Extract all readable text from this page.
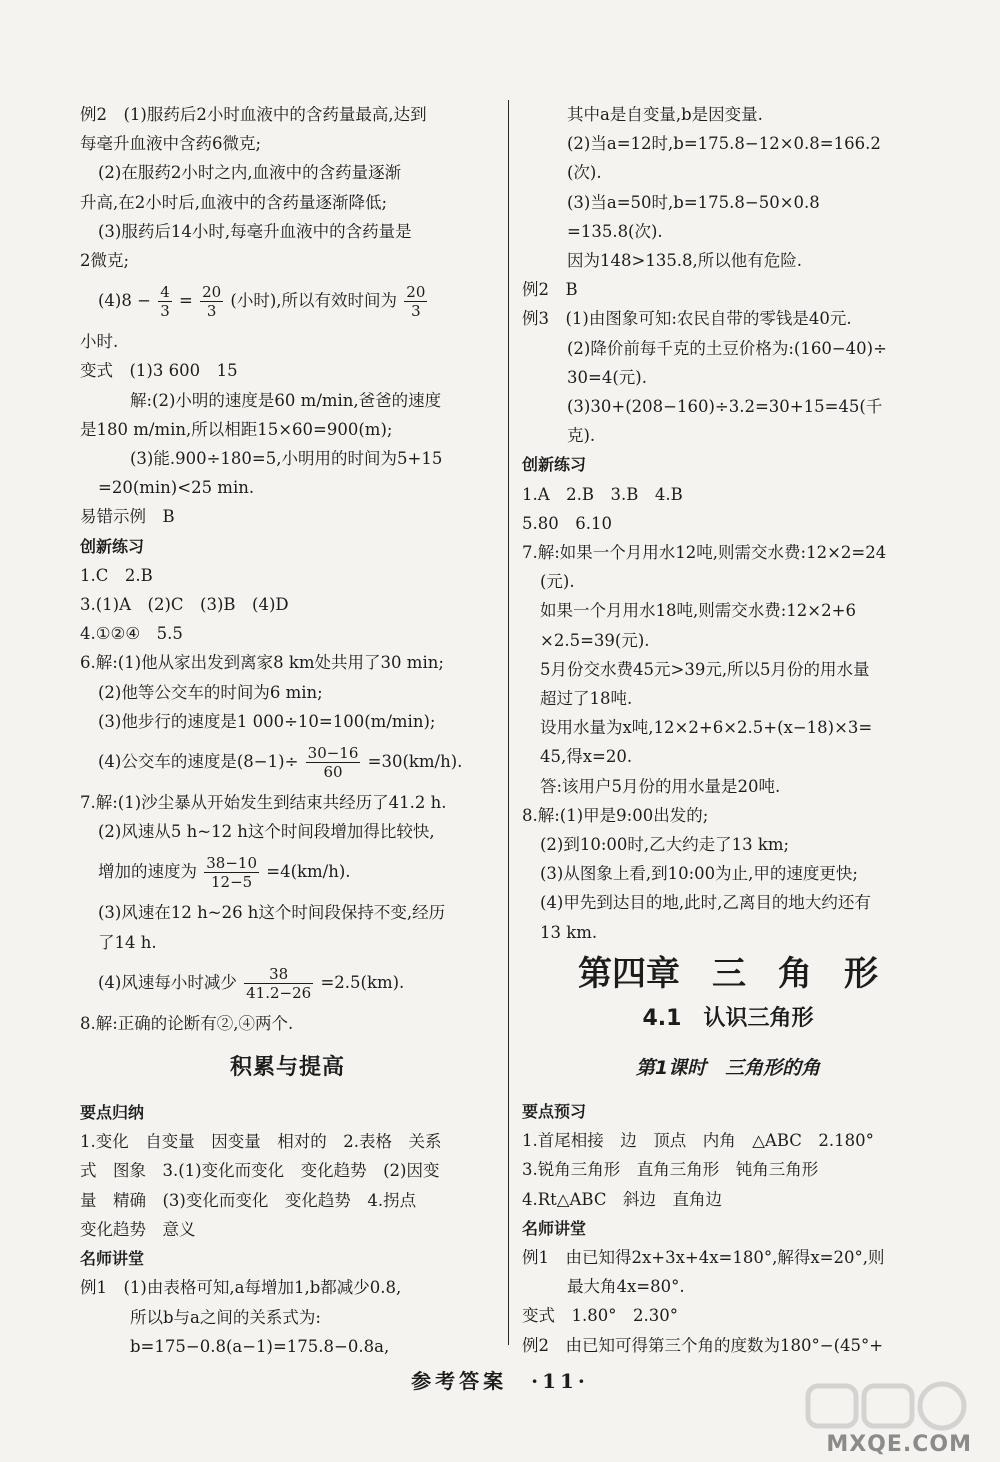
例2　(1)服药后2小时血液中的含药量最高,达到
每毫升血液中含药6微克;
(2)在服药2小时之内,血液中的含药量逐渐
升高,在2小时后,血液中的含药量逐渐降低;
(3)服药后14小时,每毫升血液中的含药量是
2微克;
$(4)8 - \frac{4}{3} = \frac{20}{3}$ (小时),所以有效时间为 $\frac{20}{3}$
小时.
变式　(1)3 600　15
解:(2)小明的速度是60 m/min,爸爸的速度
是180 m/min,所以相距15×60=900(m);
(3)能.900÷180=5,小明用的时间为5+15
=20(min)<25 min.
易错示例　B
创新练习
1.C　2.B
3.(1)A　(2)C　(3)B　(4)D
4.①②④　5.5
6.解:(1)他从家出发到离家8 km处共用了30 min;
(2)他等公交车的时间为6 min;
(3)他步行的速度是1 000÷10=100(m/min);
(4)公交车的速度是$(8-1)\div \frac{30-16}{60} =30(km/h)$.
7.解:(1)沙尘暴从开始发生到结束共经历了41.2 h.
(2)风速从5 h~12 h这个时间段增加得比较快,
增加的速度为 $\frac{38-10}{12-5} =4(km/h)$.
(3)风速在12 h~26 h这个时间段保持不变,经历
了14 h.
(4)风速每小时减少 $\frac{38}{41.2-26} =2.5(km)$.
8.解:正确的论断有②,④两个.
积累与提高
要点归纳
1.变化　自变量　因变量　相对的　2.表格　关系
式　图象　3.(1)变化而变化　变化趋势　(2)因变
量　精确　(3)变化而变化　变化趋势　4.拐点
变化趋势　意义
名师讲堂
例1　(1)由表格可知,a每增加1,b都减少0.8,
所以b与a之间的关系式为:
b=175−0.8(a−1)=175.8−0.8a,
其中a是自变量,b是因变量.
(2)当a=12时,b=175.8−12×0.8=166.2
(次).
(3)当a=50时,b=175.8−50×0.8
=135.8(次).
因为148>135.8,所以他有危险.
例2　B
例3　(1)由图象可知:农民自带的零钱是40元.
(2)降价前每千克的土豆价格为:(160−40)÷
30=4(元).
(3)30+(208−160)÷3.2=30+15=45(千
克).
创新练习
1.A　2.B　3.B　4.B
5.80　6.10
7.解:如果一个月用水12吨,则需交水费:12×2=24
(元).
如果一个月用水18吨,则需交水费:12×2+6
×2.5=39(元).
5月份交水费45元>39元,所以5月份的用水量
超过了18吨.
设用水量为x吨,12×2+6×2.5+(x−18)×3=
45,得x=20.
答:该用户5月份的用水量是20吨.
8.解:(1)甲是9:00出发的;
(2)到10:00时,乙大约走了13 km;
(3)从图象上看,到10:00为止,甲的速度更快;
(4)甲先到达目的地,此时,乙离目的地大约还有
13 km.
第四章 三 角 形
4.1　认识三角形
第1课时　三角形的角
要点预习
1.首尾相接　边　顶点　内角　△ABC　2.180°
3.锐角三角形　直角三角形　钝角三角形
4.Rt△ABC　斜边　直角边
名师讲堂
例1　由已知得2x+3x+4x=180°,解得x=20°,则
最大角4x=80°.
变式　1.80°　2.30°
例2　由已知可得第三个角的度数为180°−(45°+
参考答案　·11·
MXQE.COM
